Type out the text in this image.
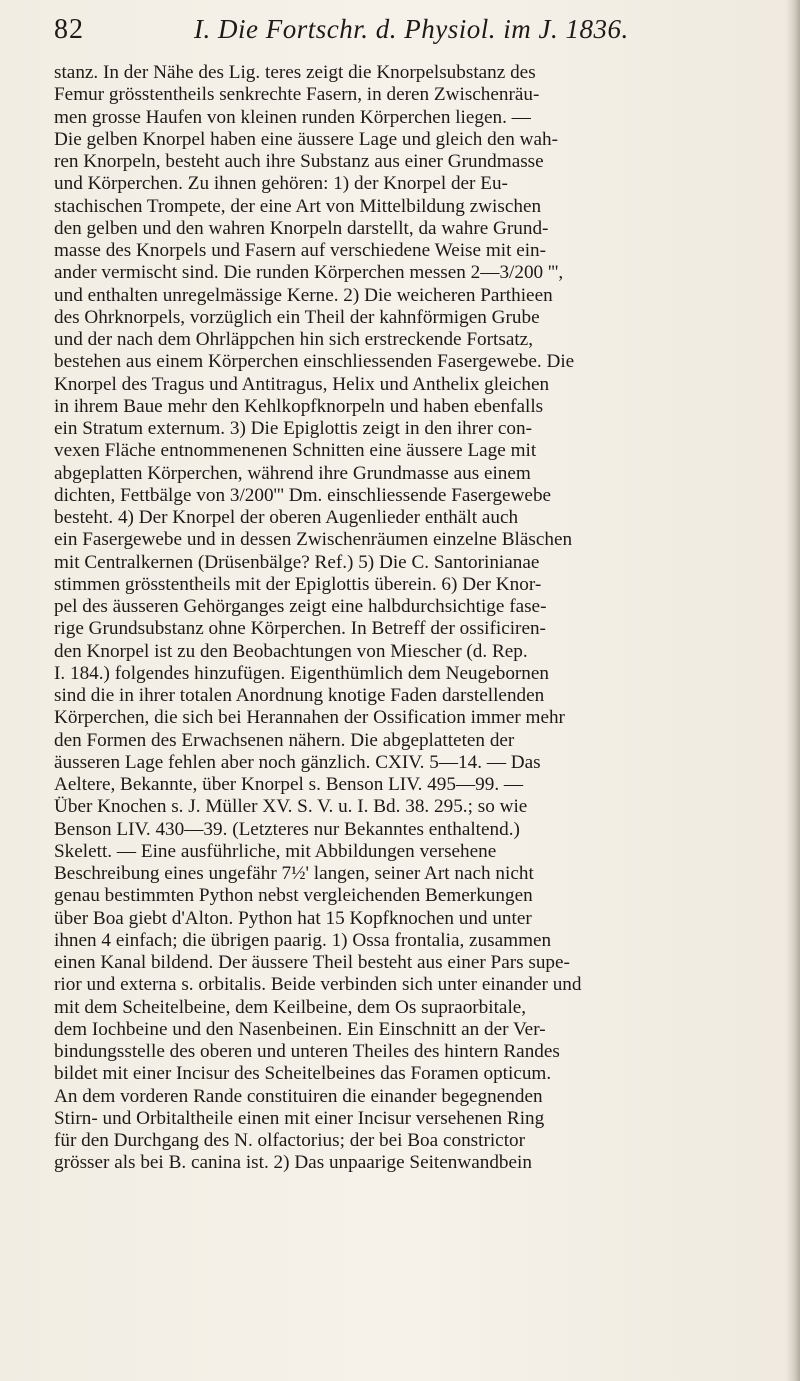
82	I. Die Fortschr. d. Physiol. im J. 1836.
stanz. In der Nähe des Lig. teres zeigt die Knorpelsubstanz des
Femur grösstentheils senkrechte Fasern, in deren Zwischenräu-
men grosse Haufen von kleinen runden Körperchen liegen. —
Die gelben Knorpel haben eine äussere Lage und gleich den wah-
ren Knorpeln, besteht auch ihre Substanz aus einer Grundmasse
und Körperchen. Zu ihnen gehören: 1) der Knorpel der Eu-
stachischen Trompete, der eine Art von Mittelbildung zwischen
den gelben und den wahren Knorpeln darstellt, da wahre Grund-
masse des Knorpels und Fasern auf verschiedene Weise mit ein-
ander vermischt sind. Die runden Körperchen messen 2—3/200 ''',
und enthalten unregelmässige Kerne. 2) Die weicheren Parthieen
des Ohrknorpels, vorzüglich ein Theil der kahnförmigen Grube
und der nach dem Ohrläppchen hin sich erstreckende Fortsatz,
bestehen aus einem Körperchen einschliessenden Fasergewebe. Die
Knorpel des Tragus und Antitragus, Helix und Anthelix gleichen
in ihrem Baue mehr den Kehlkopfknorpeln und haben ebenfalls
ein Stratum externum. 3) Die Epiglottis zeigt in den ihrer con-
vexen Fläche entnommenenen Schnitten eine äussere Lage mit
abgeplatten Körperchen, während ihre Grundmasse aus einem
dichten, Fettbälge von 3/200''' Dm. einschliessende Fasergewebe
besteht. 4) Der Knorpel der oberen Augenlieder enthält auch
ein Fasergewebe und in dessen Zwischenräumen einzelne Bläschen
mit Centralkernen (Drüsenbälge? Ref.) 5) Die C. Santorinianae
stimmen grösstentheils mit der Epiglottis überein. 6) Der Knor-
pel des äusseren Gehörganges zeigt eine halbdurchsichtige fase-
rige Grundsubstanz ohne Körperchen. In Betreff der ossificiren-
den Knorpel ist zu den Beobachtungen von Miescher (d. Rep.
I. 184.) folgendes hinzufügen. Eigenthümlich dem Neugebornen
sind die in ihrer totalen Anordnung knotige Faden darstellenden
Körperchen, die sich bei Herannahen der Ossification immer mehr
den Formen des Erwachsenen nähern. Die abgeplatteten der
äusseren Lage fehlen aber noch gänzlich. CXIV. 5—14. — Das
Aeltere, Bekannte, über Knorpel s. Benson LIV. 495—99. —
Über Knochen s. J. Müller XV. S. V. u. I. Bd. 38. 295.; so wie
Benson LIV. 430—39. (Letzteres nur Bekanntes enthaltend.)
Skelett. — Eine ausführliche, mit Abbildungen versehene
Beschreibung eines ungefähr 7½' langen, seiner Art nach nicht
genau bestimmten Python nebst vergleichenden Bemerkungen
über Boa giebt d'Alton. Python hat 15 Kopfknochen und unter
ihnen 4 einfach; die übrigen paarig. 1) Ossa frontalia, zusammen
einen Kanal bildend. Der äussere Theil besteht aus einer Pars supe-
rior und externa s. orbitalis. Beide verbinden sich unter einander und
mit dem Scheitelbeine, dem Keilbeine, dem Os supraorbitale,
dem Iochbeine und den Nasenbeinen. Ein Einschnitt an der Ver-
bindungsstelle des oberen und unteren Theiles des hintern Randes
bildet mit einer Incisur des Scheitelbeines das Foramen opticum.
An dem vorderen Rande constituiren die einander begegnenden
Stirn- und Orbitaltheile einen mit einer Incisur versehenen Ring
für den Durchgang des N. olfactorius; der bei Boa constrictor
grösser als bei B. canina ist. 2) Das unpaarige Seitenwandbein
